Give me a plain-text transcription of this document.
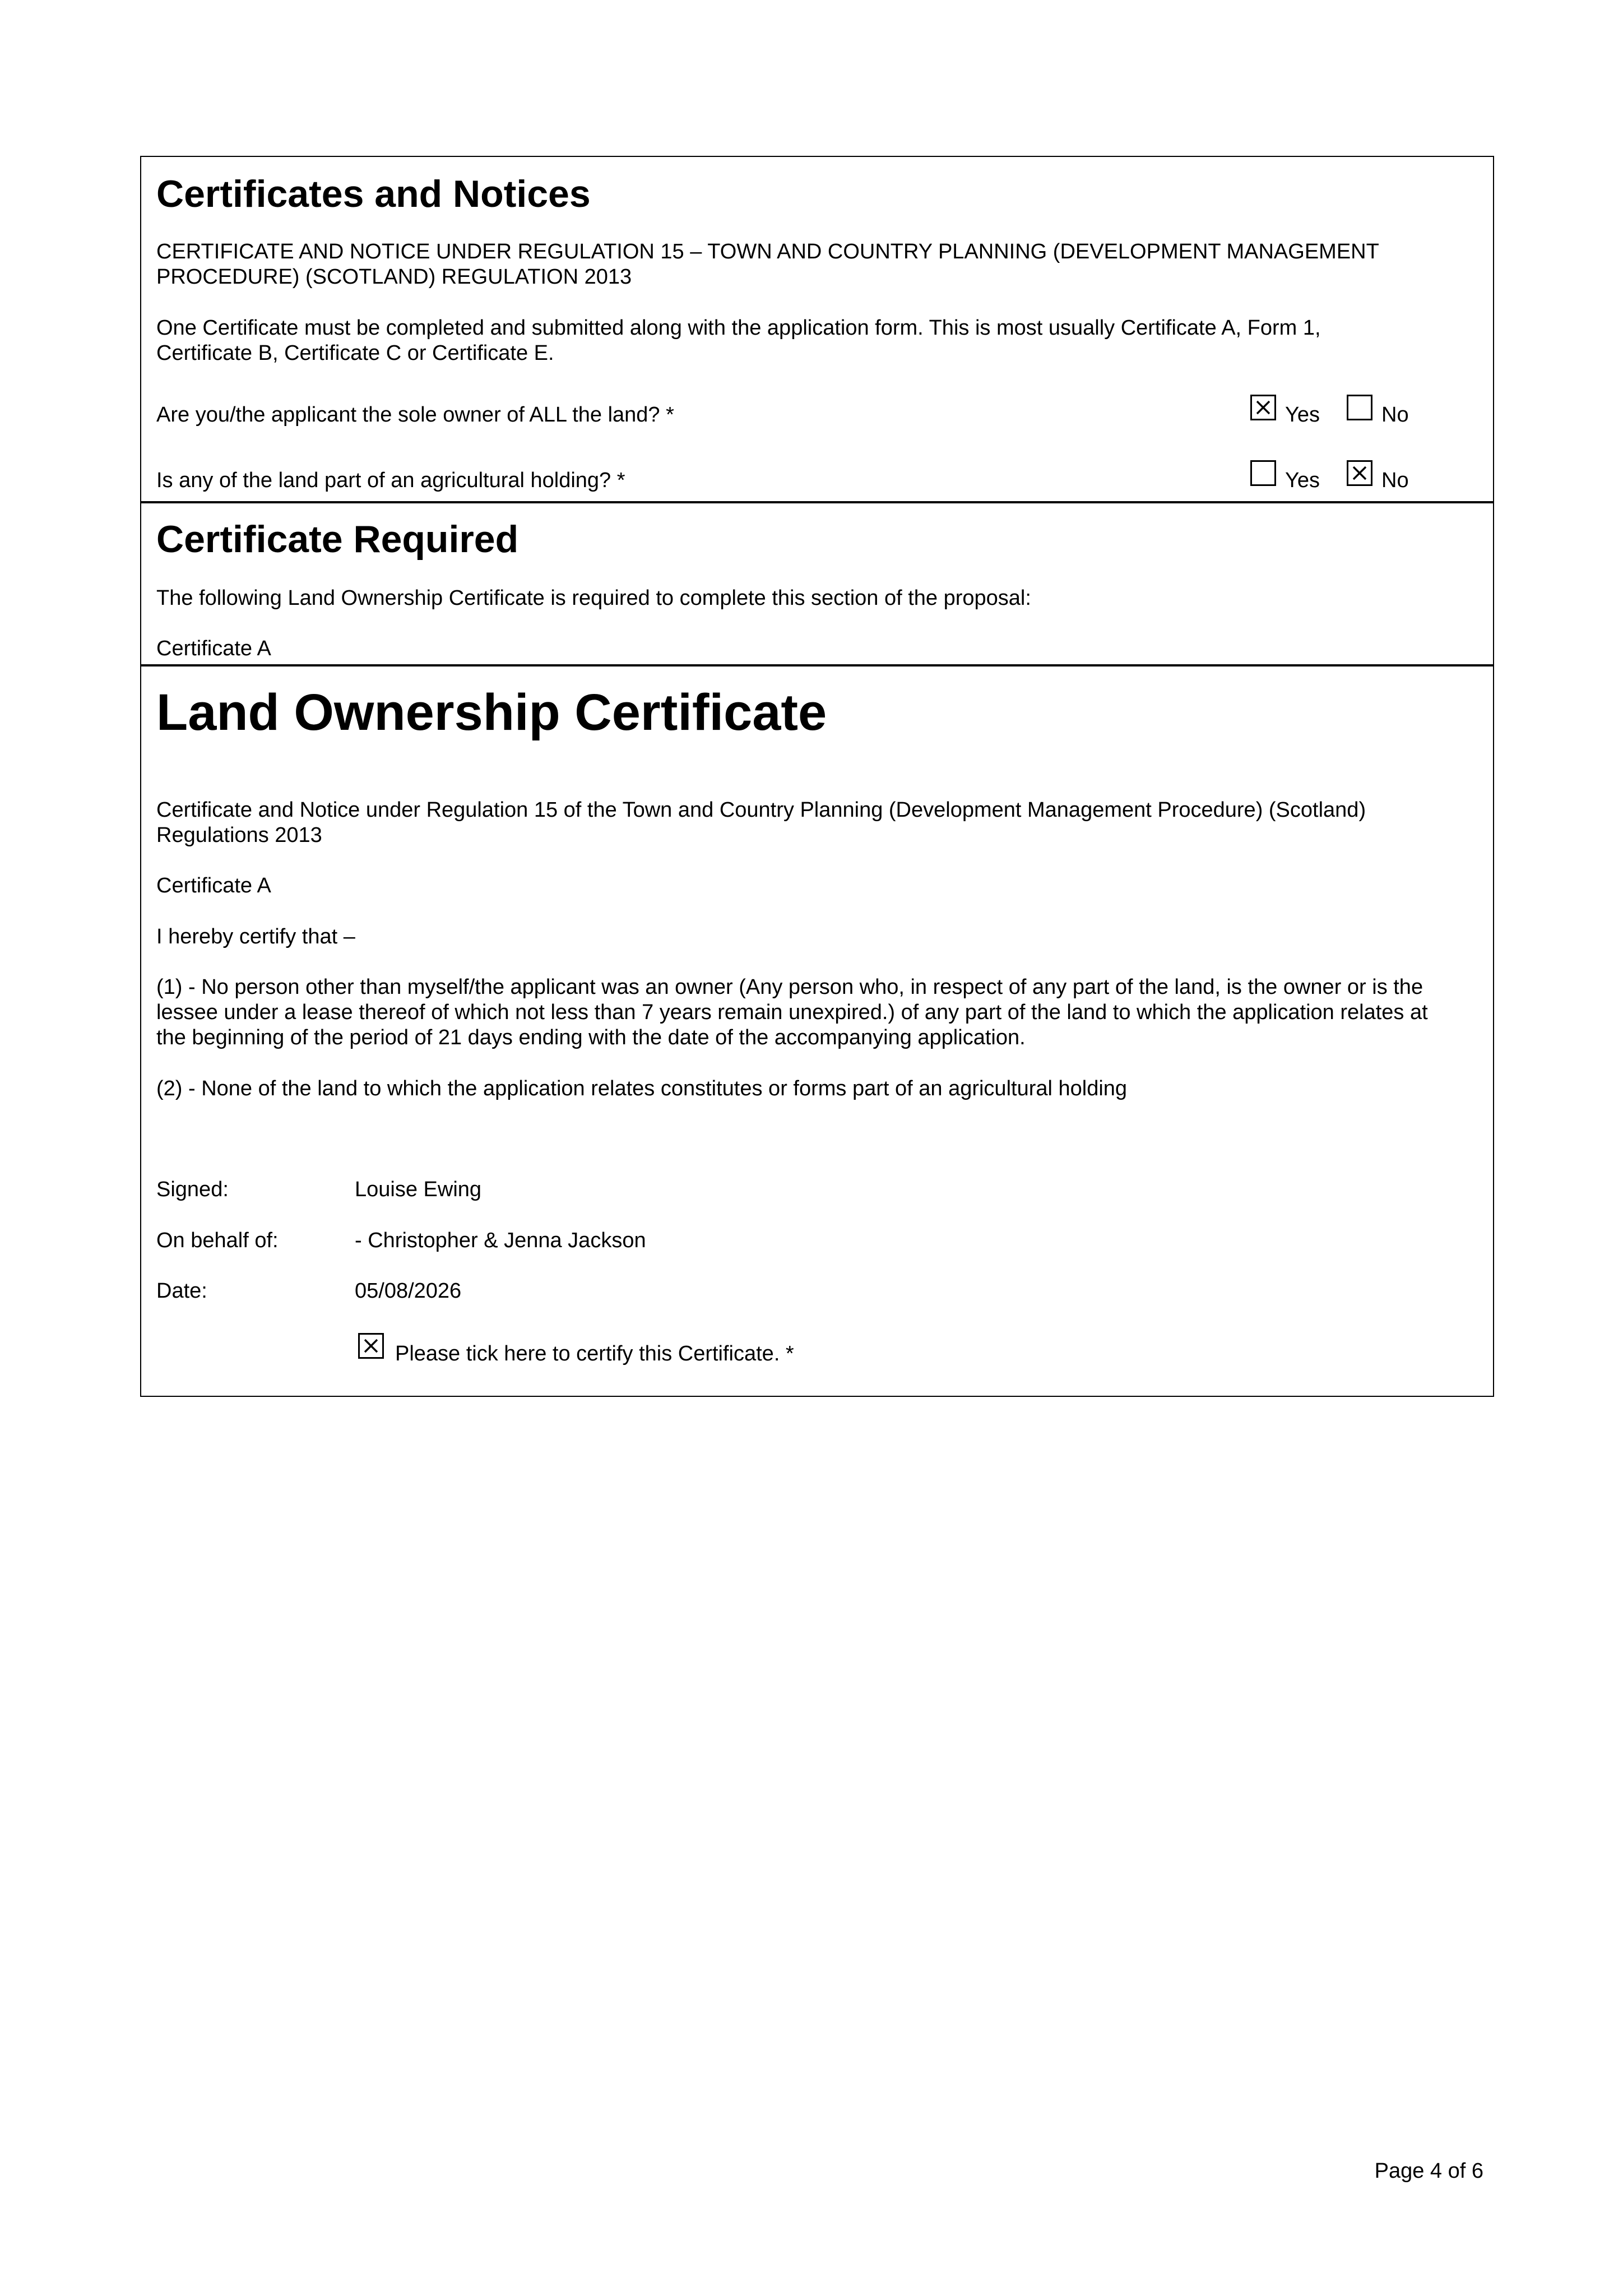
Certificates and Notices
CERTIFICATE AND NOTICE UNDER REGULATION 15 – TOWN AND COUNTRY PLANNING (DEVELOPMENT MANAGEMENT
PROCEDURE) (SCOTLAND) REGULATION 2013
One Certificate must be completed and submitted along with the application form. This is most usually Certificate A, Form 1,
Certificate B, Certificate C or Certificate E.
Are you/the applicant the sole owner of ALL the land? *	Yes	No
Is any of the land part of an agricultural holding? *	Yes	No
Certificate Required
The following Land Ownership Certificate is required to complete this section of the proposal:
Certificate A
Land Ownership Certificate
Certificate and Notice under Regulation 15 of the Town and Country Planning (Development Management Procedure) (Scotland)
Regulations 2013
Certificate A
I hereby certify that –
(1) - No person other than myself/the applicant was an owner (Any person who, in respect of any part of the land, is the owner or is the
lessee under a lease thereof of which not less than 7 years remain unexpired.) of any part of the land to which the application relates at
the beginning of the period of 21 days ending with the date of the accompanying application.
(2) - None of the land to which the application relates constitutes or forms part of an agricultural holding
Signed:	Louise Ewing
On behalf of:	- Christopher & Jenna Jackson
Date:	05/08/2026
Please tick here to certify this Certificate. *
Page 4 of 6
